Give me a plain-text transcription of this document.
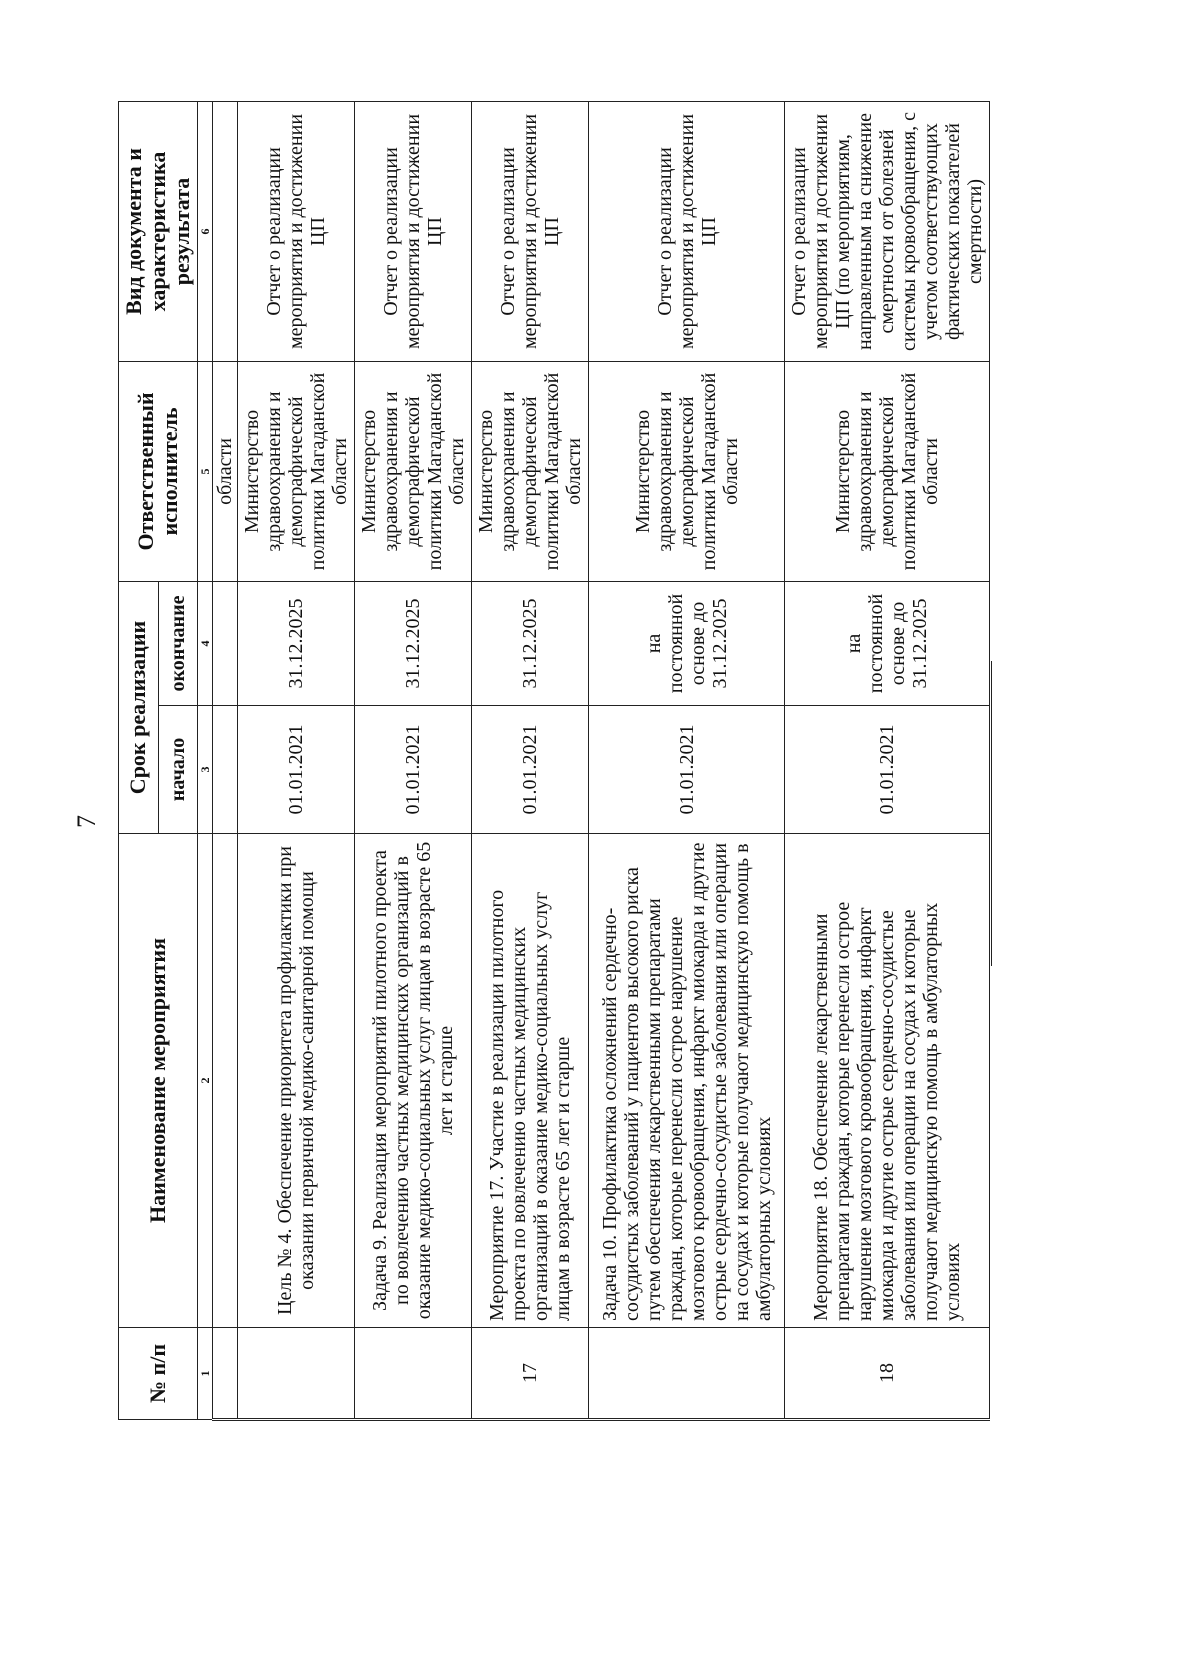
7
№ п/п	Наименование мероприятия	Срок реализации		Ответственный исполнитель	Вид документа и характеристика результата
		начало	окончание		
1	2	3	4	5	6
				области	
	Цель № 4. Обеспечение приоритета профилактики при оказании первичной медико-санитарной помощи	01.01.2021	31.12.2025	Министерство здравоохранения и демографической политики Магаданской области	Отчет о реализации мероприятия и достижении ЦП
	Задача 9. Реализация мероприятий пилотного проекта по вовлечению частных медицинских организаций в оказание медико-социальных услуг лицам в возрасте 65 лет и старше	01.01.2021	31.12.2025	Министерство здравоохранения и демографической политики Магаданской области	Отчет о реализации мероприятия и достижении ЦП
17	Мероприятие 17. Участие в реализации пилотного проекта по вовлечению частных медицинских организаций в оказание медико-социальных услуг лицам в возрасте 65 лет и старше	01.01.2021	31.12.2025	Министерство здравоохранения и демографической политики Магаданской области	Отчет о реализации мероприятия и достижении ЦП
	Задача 10. Профилактика осложнений сердечно-сосудистых заболеваний у пациентов высокого риска путем обеспечения лекарственными препаратами граждан, которые перенесли острое нарушение мозгового кровообращения, инфаркт миокарда и другие острые сердечно-сосудистые заболевания или операции на сосудах и которые получают медицинскую помощь в амбулаторных условиях	01.01.2021	на постоянной основе до 31.12.2025	Министерство здравоохранения и демографической политики Магаданской области	Отчет о реализации мероприятия и достижении ЦП
18	Мероприятие 18. Обеспечение лекарственными препаратами граждан, которые перенесли острое нарушение мозгового кровообращения, инфаркт миокарда и другие острые сердечно-сосудистые заболевания или операции на сосудах и которые получают медицинскую помощь в амбулаторных условиях	01.01.2021	на постоянной основе до 31.12.2025	Министерство здравоохранения и демографической политики Магаданской области	Отчет о реализации мероприятия и достижении ЦП (по мероприятиям, направленным на снижение смертности от болезней системы кровообращения, с учетом соответствующих фактических показателей смертности)
